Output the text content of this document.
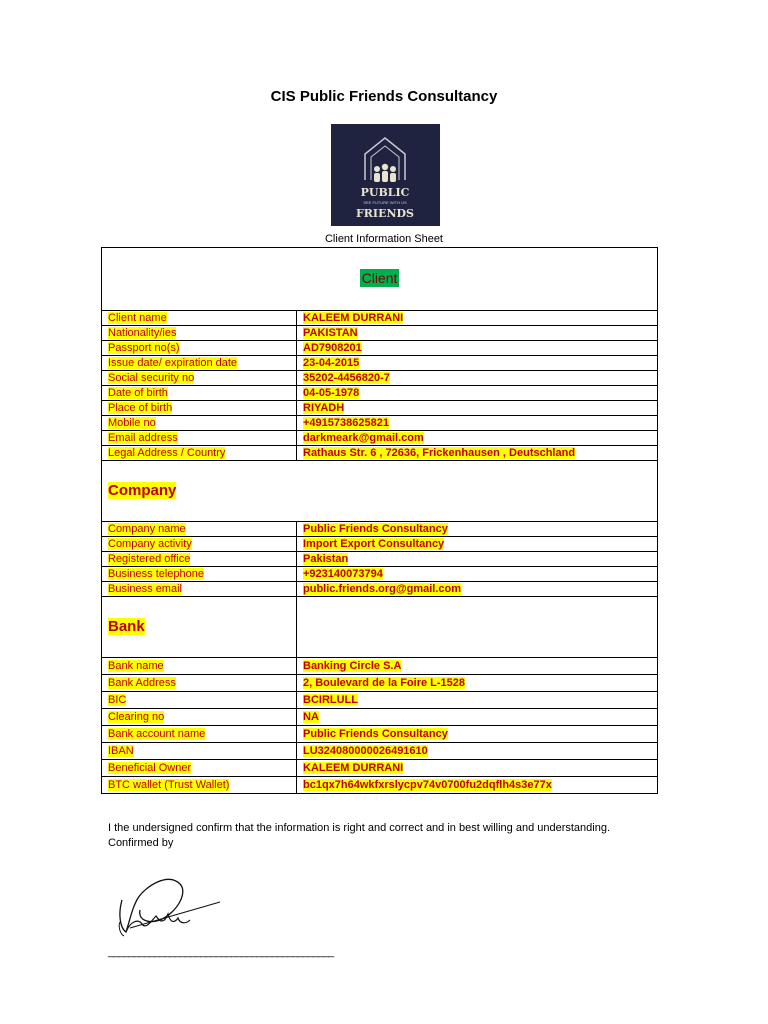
CIS Public Friends Consultancy
PUBLIC
SEE FUTURE WITH US
FRIENDS
Client Information Sheet
Client	
Client name	KALEEM DURRANI
Nationality/ies	PAKISTAN
Passport no(s)	AD7908201
Issue date/ expiration date	23-04-2015
Social security no	35202-4456820-7
Date of birth	04-05-1978
Place of birth	RIYADH
Mobile no	+4915738625821
Email address	darkmeark@gmail.com
Legal Address / Country	Rathaus Str. 6 , 72636, Frickenhausen , Deutschland
Company	
Company name	Public Friends Consultancy
Company activity	Import Export Consultancy
Registered office	Pakistan
Business telephone	+923140073794
Business email	public.friends.org@gmail.com
Bank	
Bank name	Banking Circle S.A
Bank Address	2, Boulevard de la Foire L-1528
BIC	BCIRLULL
Clearing no	NA
Bank account name	Public Friends Consultancy
IBAN	LU324080000026491610
Beneficial Owner	KALEEM DURRANI
BTC wallet (Trust Wallet)	bc1qx7h64wkfxrslycpv74v0700fu2dqflh4s3e77x
I the undersigned confirm that the information is right and correct and in best willing and understanding.
Confirmed by
____________________________________________
